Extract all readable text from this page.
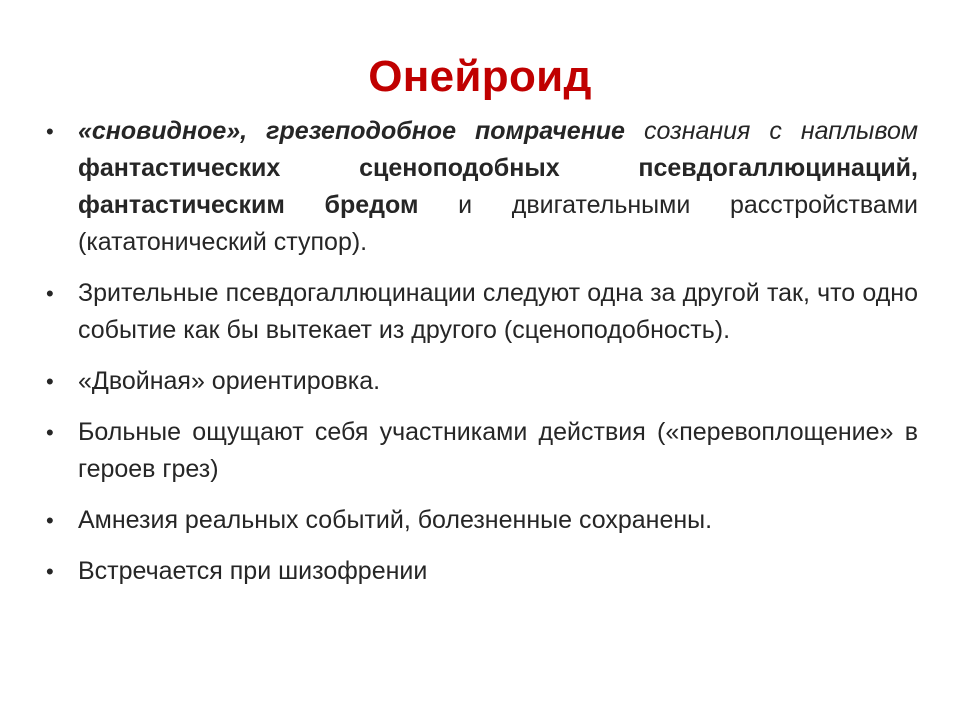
Онейроид
• «сновидное», грезеподобное помрачение сознания с наплывом фантастических сценоподобных псевдогаллюцинаций, фантастическим бредом и двигательными расстройствами (кататонический ступор).
• Зрительные псевдогаллюцинации следуют одна за другой так, что одно событие как бы вытекает из другого (сценоподобность).
• «Двойная» ориентировка.
• Больные ощущают себя участниками действия («перевоплощение» в героев грез)
• Амнезия реальных событий, болезненные сохранены.
• Встречается при шизофрении
